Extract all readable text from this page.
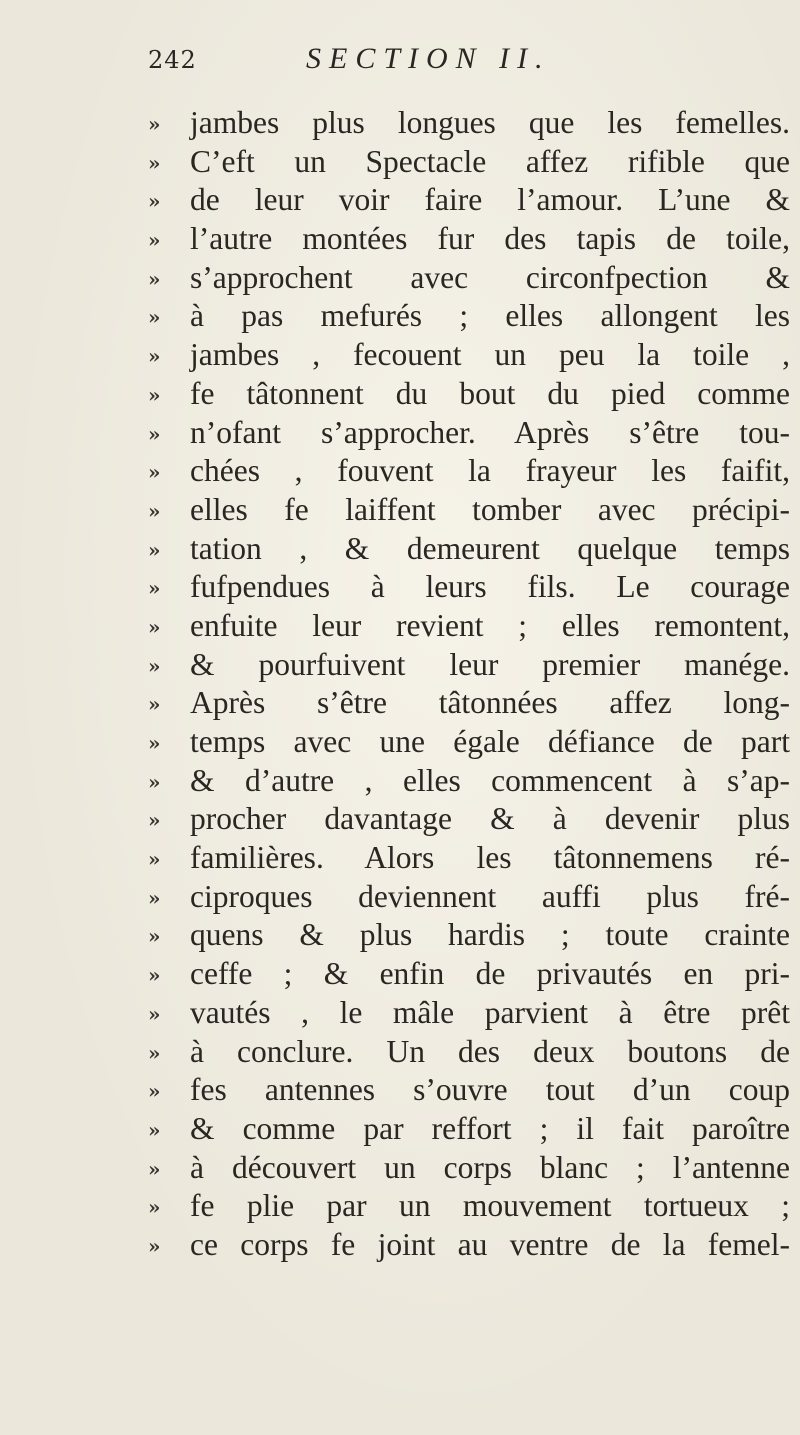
242	SECTION II.
» jambes plus longues que les femelles.
» C’eft un Spectacle affez rifible que
» de leur voir faire l’amour. L’une &
» l’autre montées fur des tapis de toile,
» s’approchent avec circonfpection &
» à pas mefurés ; elles allongent les
» jambes , fecouent un peu la toile ,
» fe tâtonnent du bout du pied comme
» n’ofant s’approcher. Après s’être tou-
» chées , fouvent la frayeur les faifit,
» elles fe laiffent tomber avec précipi-
» tation , & demeurent quelque temps
» fufpendues à leurs fils. Le courage
» enfuite leur revient ; elles remontent,
» & pourfuivent leur premier manége.
» Après s’être tâtonnées affez long-
» temps avec une égale défiance de part
» & d’autre , elles commencent à s’ap-
» procher davantage & à devenir plus
» familières. Alors les tâtonnemens ré-
» ciproques deviennent auffi plus fré-
» quens & plus hardis ; toute crainte
» ceffe ; & enfin de privautés en pri-
» vautés , le mâle parvient à être prêt
» à conclure. Un des deux boutons de
» fes antennes s’ouvre tout d’un coup
» & comme par reffort ; il fait paroître
» à découvert un corps blanc ; l’antenne
» fe plie par un mouvement tortueux ;
» ce corps fe joint au ventre de la femel-
